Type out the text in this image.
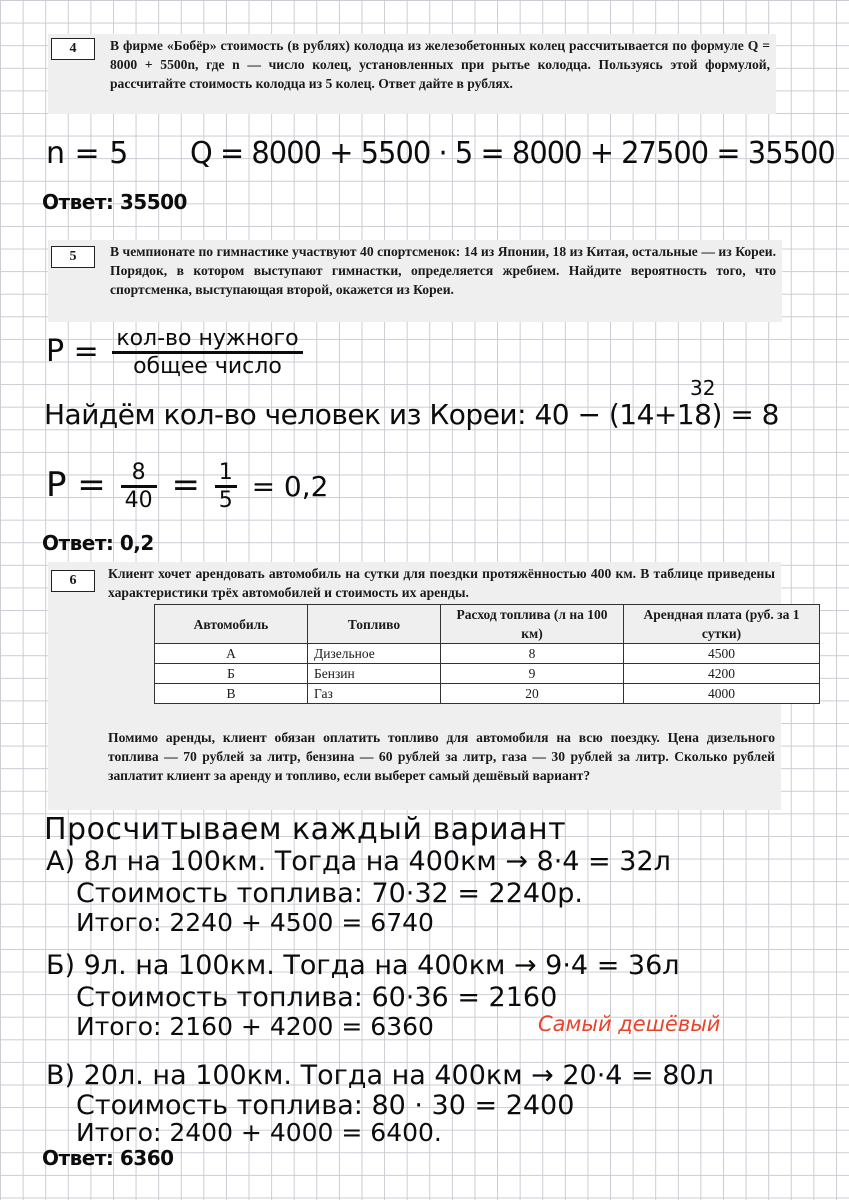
4	В фирме «Бобёр» стоимость (в рублях) колодца из железобетонных колец рассчитывается по формуле Q = 8000 + 5500n, где n — число колец, установленных при рытье колодца. Пользуясь этой формулой, рассчитайте стоимость колодца из 5 колец. Ответ дайте в рублях.
n = 5 Q = 8000 + 5500 · 5 = 8000 + 27500 = 35500
Ответ: 35500
5	В чемпионате по гимнастике участвуют 40 спортсменок: 14 из Японии, 18 из Китая, остальные — из Кореи. Порядок, в котором выступают гимнастки, определяется жребием. Найдите вероятность того, что спортсменка, выступающая второй, окажется из Кореи.
$P = \frac{\text{кол-во нужного}}{\text{общее число}}$
32
Найдём кол-во человек из Кореи: 40 − (14+18) = 8
$P = \frac{8}{40} = \frac{1}{5} = 0,2$
Ответ: 0,2
6	Клиент хочет арендовать автомобиль на сутки для поездки протяжённостью 400 км. В таблице приведены характеристики трёх автомобилей и стоимость их аренды.
Автомобиль	Топливо	Расход топлива (л на 100 км)	Арендная плата (руб. за 1 сутки)
А	Дизельное	8	4500
Б	Бензин	9	4200
В	Газ	20	4000
Помимо аренды, клиент обязан оплатить топливо для автомобиля на всю поездку. Цена дизельного топлива — 70 рублей за литр, бензина — 60 рублей за литр, газа — 30 рублей за литр. Сколько рублей заплатит клиент за аренду и топливо, если выберет самый дешёвый вариант?
Просчитываем каждый вариант
А) 8л на 100км. Тогда на 400км → 8·4 = 32л
Стоимость топлива: 70·32 = 2240р.
Итого: 2240 + 4500 = 6740
Б) 9л. на 100км. Тогда на 400км → 9·4 = 36л
Стоимость топлива: 60·36 = 2160
Итого: 2160 + 4200 = 6360	Самый дешёвый
В) 20л. на 100км. Тогда на 400км → 20·4 = 80л
Стоимость топлива: 80 · 30 = 2400
Итого: 2400 + 4000 = 6400.
Ответ: 6360
